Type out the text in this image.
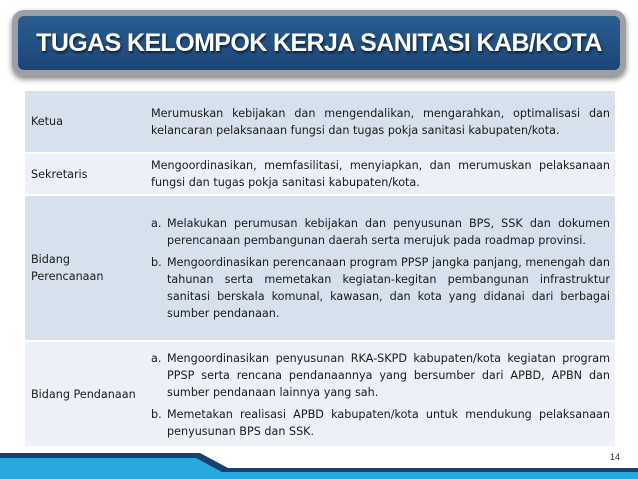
TUGAS KELOMPOK KERJA SANITASI KAB/KOTA
Ketua	Merumuskan kebijakan dan mengendalikan, mengarahkan, optimalisasi dan kelancaran pelaksanaan fungsi dan tugas pokja sanitasi kabupaten/kota.
Sekretaris	Mengoordinasikan, memfasilitasi, menyiapkan, dan merumuskan pelaksanaan fungsi dan tugas pokja sanitasi kabupaten/kota.
Bidang Perencanaan	a. Melakukan perumusan kebijakan dan penyusunan BPS, SSK dan dokumen perencanaan pembangunan daerah serta merujuk pada roadmap provinsi.
b. Mengoordinasikan perencanaan program PPSP jangka panjang, menengah dan tahunan serta memetakan kegiatan-kegitan pembangunan infrastruktur sanitasi berskala komunal, kawasan, dan kota yang didanai dari berbagai sumber pendanaan.

Bidang Pendanaan	a. Mengoordinasikan penyusunan RKA-SKPD kabupaten/kota kegiatan program PPSP serta rencana pendanaannya yang bersumber dari APBD, APBN dan sumber pendanaan lainnya yang sah.
b. Memetakan realisasi APBD kabupaten/kota untuk mendukung pelaksanaan penyusunan BPS dan SSK.
14
